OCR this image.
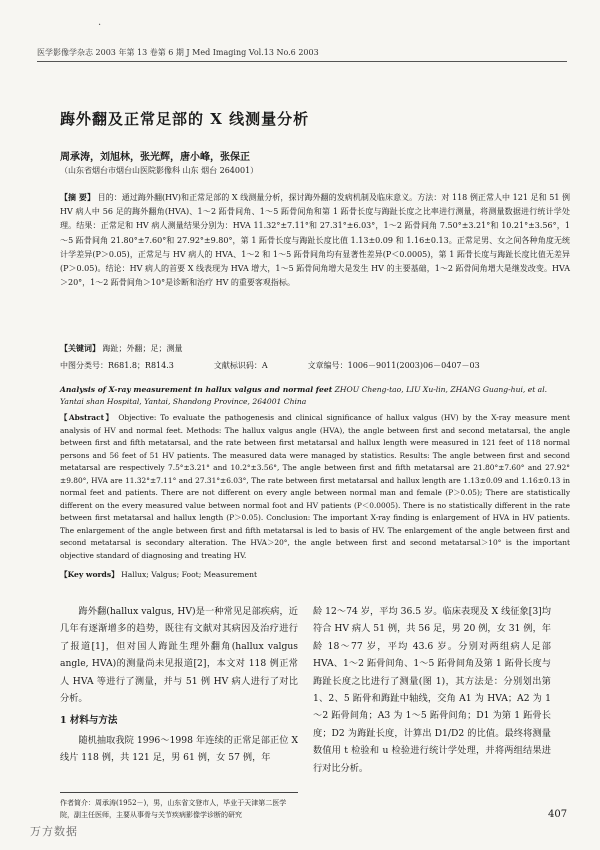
·
医学影像学杂志 2003 年第 13 卷第 6 期 J Med Imaging Vol.13 No.6 2003
踇外翻及正常足部的 X 线测量分析
周承涛，刘旭林，张光辉，唐小峰，张保正
（山东省烟台市烟台山医院影像科 山东 烟台 264001）
【摘 要】 目的：通过踇外翻(HV)和正常足部的 X 线测量分析，探讨踇外翻的发病机制及临床意义。方法：对 118 例正常人中 121 足和 51 例 HV 病人中 56 足的踇外翻角(HVA)、1～2 跖骨间角、1～5 跖骨间角和第 1 跖骨长度与踇趾长度之比率进行测量，将测量数据进行统计学处理。结果：正常足和 HV 病人测量结果分别为：HVA 11.32°±7.11°和 27.31°±6.03°，1～2 跖骨间角 7.50°±3.21°和 10.21°±3.56°，1～5 跖骨间角 21.80°±7.60°和 27.92°±9.80°，第 1 跖骨长度与踇趾长度比值 1.13±0.09 和 1.16±0.13。正常足男、女之间各种角度无统计学差异(P＞0.05)，正常足与 HV 病人的 HVA、1～2 和 1～5 跖骨间角均有显著性差异(P＜0.0005)，第 1 跖骨长度与踇趾长度比值无差异(P＞0.05)。结论：HV 病人的首要 X 线表现为 HVA 增大，1～5 跖骨间角增大是发生 HV 的主要基础，1～2 跖骨间角增大是继发改变。HVA＞20°，1～2 跖骨间角＞10°是诊断和治疗 HV 的重要客观指标。
【关键词】 踇趾；外翻；足；测量
中图分类号：R681.8；R814.3	文献标识码：A	文章编号：1006－9011(2003)06－0407－03
Analysis of X-ray measurement in hallux valgus and normal feet ZHOU Cheng-tao, LIU Xu-lin, ZHANG Guang-hui, et al. Yantai shan Hospital, Yantai, Shandong Province, 264001 China
【Abstract】 Objective: To evaluate the pathogenesis and clinical significance of hallux valgus (HV) by the X-ray measure ment analysis of HV and normal feet. Methods: The hallux valgus angle (HVA), the angle between first and second metatarsal, the angle between first and fifth metatarsal, and the rate between first metatarsal and hallux length were measured in 121 feet of 118 normal persons and 56 feet of 51 HV patients. The measured data were managed by statistics. Results: The angle between first and second metatarsal are respectively 7.5°±3.21° and 10.2°±3.56°, The angle between first and fifth metatarsal are 21.80°±7.60° and 27.92°±9.80°, HVA are 11.32°±7.11° and 27.31°±6.03°, The rate between first metatarsal and hallux length are 1.13±0.09 and 1.16±0.13 in normal feet and patients. There are not different on every angle between normal man and female (P＞0.05); There are statistically different on the every measured value between normal foot and HV patients (P＜0.0005). There is no statistically different in the rate between first metatarsal and hallux length (P＞0.05). Conclusion: The important X-ray finding is enlargement of HVA in HV patients. The enlargement of the angle between first and fifth metatarsal is led to basis of HV. The enlargement of the angle between first and second metatarsal is secondary alteration. The HVA＞20°, the angle between first and second metatarsal＞10° is the important objective standard of diagnosing and treating HV.
【Key words】 Hallux; Valgus; Foot; Measurement
踇外翻(hallux valgus, HV)是一种常见足部疾病，近几年有逐渐增多的趋势，既往有文献对其病因及治疗进行了报道[1]，但对国人踇趾生理外翻角(hallux valgus angle, HVA)的测量尚未见报道[2]，本文对 118 例正常人 HVA 等进行了测量，并与 51 例 HV 病人进行了对比分析。
1 材料与方法
随机抽取我院 1996～1998 年连续的正常足部正位 X 线片 118 例，共 121 足，男 61 例，女 57 例，年
龄 12～74 岁，平均 36.5 岁。临床表现及 X 线征象[3]均符合 HV 病人 51 例，共 56 足，男 20 例，女 31 例，年龄 18～77 岁，平均 43.6 岁。分别对两组病人足部 HVA、1～2 跖骨间角、1～5 跖骨间角及第 1 跖骨长度与踇趾长度之比进行了测量(图 1)，其方法是：分别划出第 1、2、5 跖骨和踇趾中轴线，交角 A1 为 HVA；A2 为 1～2 跖骨间角；A3 为 1～5 跖骨间角；D1 为第 1 跖骨长度；D2 为踇趾长度，计算出 D1/D2 的比值。最终将测量数值用 t 检验和 u 检验进行统计学处理，并将两组结果进行对比分析。
作者简介：周承涛(1952－)，男，山东省文登市人，毕业于天津第二医学院，副主任医师，主要从事骨与关节疾病影像学诊断的研究	407
万方数据
